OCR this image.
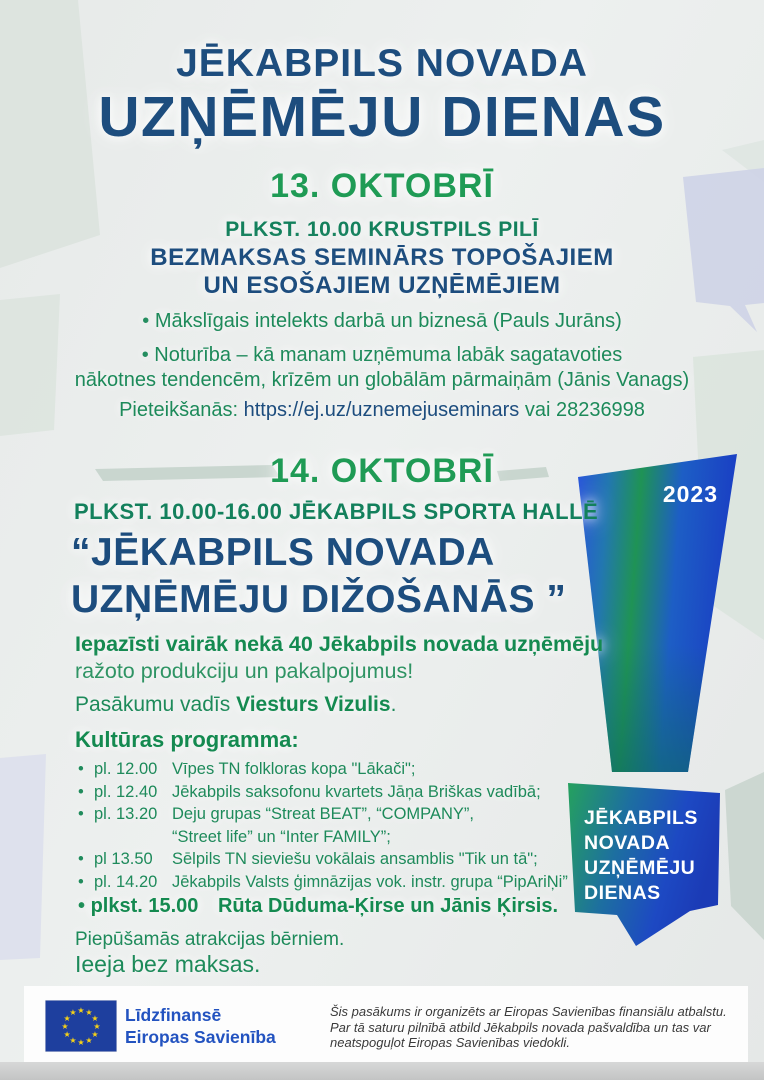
JĒKABPILS NOVADA
UZŅĒMĒJU DIENAS
13. OKTOBRĪ
PLKST. 10.00 KRUSTPILS PILĪ
BEZMAKSAS SEMINĀRS TOPOŠAJIEM
UN ESOŠAJIEM UZŅĒMĒJIEM
• Mākslīgais intelekts darbā un biznesā (Pauls Jurāns)
• Noturība – kā manam uzņēmuma labāk sagatavoties
nākotnes tendencēm, krīzēm un globālām pārmaiņām (Jānis Vanags)
Pieteikšanās: https://ej.uz/uznemejuseminars vai 28236998
14. OKTOBRĪ
PLKST. 10.00-16.00 JĒKABPILS SPORTA HALLĒ
“JĒKABPILS NOVADA
UZŅĒMĒJU DIŽOŠANĀS ”
Iepazīsti vairāk nekā 40 Jēkabpils novada uzņēmēju
ražoto produkciju un pakalpojumus!
Pasākumu vadīs Viesturs Vizulis.
Kultūras programma:
• pl. 12.00 Vīpes TN folkloras kopa "Lākači";
• pl. 12.40 Jēkabpils saksofonu kvartets Jāņa Briškas vadībā;
• pl. 13.20 Deju grupas “Streat BEAT”, “COMPANY”,
“Street life” un “Inter FAMILY”;
• pl 13.50	Sēlpils TN sieviešu vokālais ansamblis "Tik un tā";
• pl. 14.20 Jēkabpils Valsts ģimnāzijas vok. instr. grupa “PipAriŅi”
• plkst. 15.00 Rūta Dūduma-Ķirse un Jānis Ķirsis.
Piepūšamās atrakcijas bērniem.
Ieeja bez maksas.
2023
JĒKABPILS
NOVADA
UZŅĒMĒJU
DIENAS
★ ★
★
★
★
★
★
★
★
★
★
★	Līdzfinansē
Eiropas Savienība
Šis pasākums ir organizēts ar Eiropas Savienības finansiālu atbalstu.
Par tā saturu pilnībā atbild Jēkabpils novada pašvaldība un tas var
neatspoguļot Eiropas Savienības viedokli.
